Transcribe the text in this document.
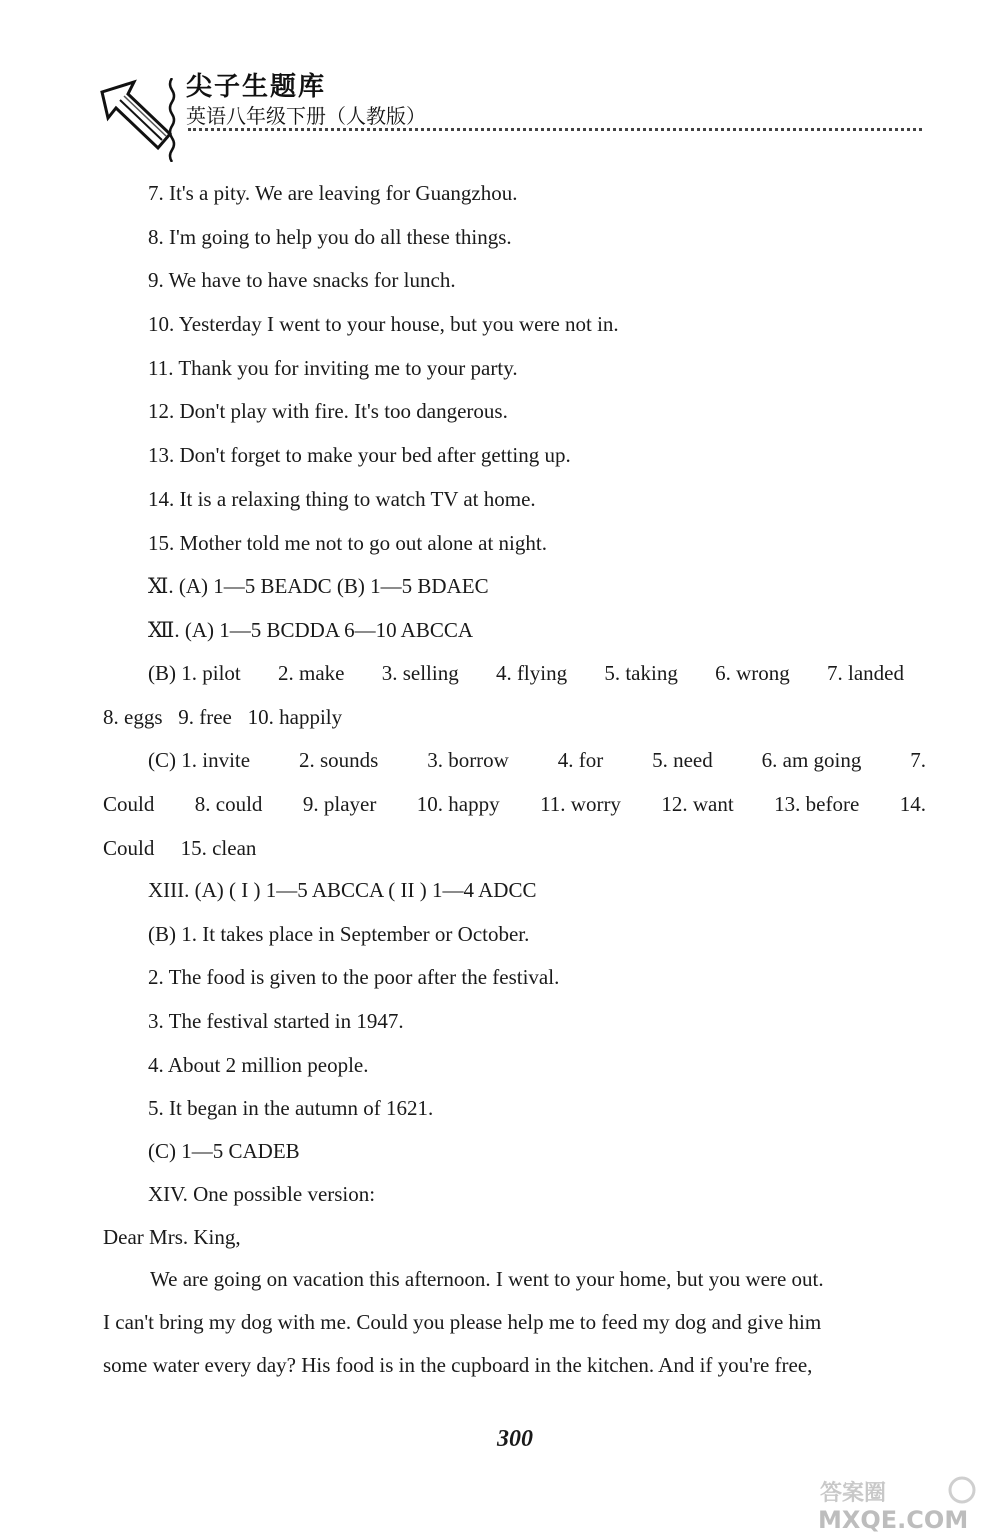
尖子生题库
英语八年级下册（人教版）
7. It's a pity. We are leaving for Guangzhou.
8. I'm going to help you do all these things.
9. We have to have snacks for lunch.
10. Yesterday I went to your house, but you were not in.
11. Thank you for inviting me to your party.
12. Don't play with fire. It's too dangerous.
13. Don't forget to make your bed after getting up.
14. It is a relaxing thing to watch TV at home.
15. Mother told me not to go out alone at night.
Ⅺ. (A) 1—5 BEADC (B) 1—5 BDAEC
Ⅻ. (A) 1—5 BCDDA 6—10 ABCCA
(B) 1. pilot 2. make 3. selling 4. flying 5. taking 6. wrong 7. landed
8. eggs   9. free   10. happily
(C) 1. invite 2. sounds 3. borrow 4. for 5. need 6. am going 7.
Could 8. could 9. player 10. happy 11. worry 12. want 13. before 14.
Could     15. clean
XIII. (A) ( I ) 1—5 ABCCA ( II ) 1—4 ADCC
(B) 1. It takes place in September or October.
2. The food is given to the poor after the festival.
3. The festival started in 1947.
4. About 2 million people.
5. It began in the autumn of 1621.
(C) 1—5 CADEB
XIV. One possible version:
Dear Mrs. King,
We are going on vacation this afternoon. I went to your home, but you were out.
I can't bring my dog with me. Could you please help me to feed my dog and give him
some water every day? His food is in the cupboard in the kitchen. And if you're free,
300
答案圈
MXQE.COM
